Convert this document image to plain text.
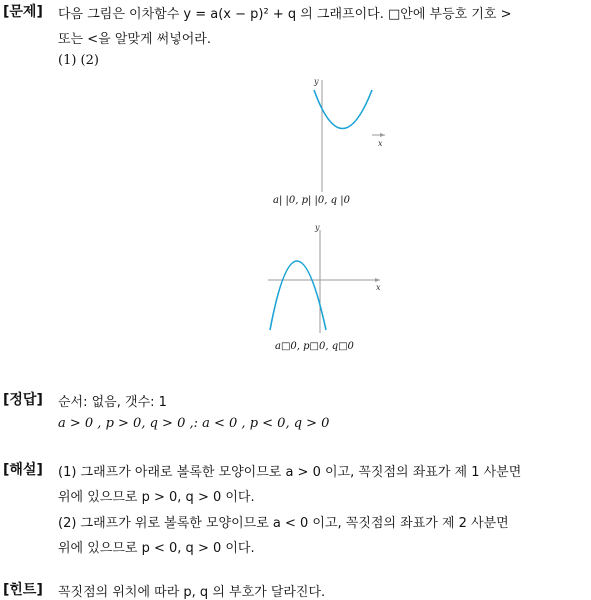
[문제] 다음 그림은 이차함수 y = a(x − p)² + q 의 그래프이다. □안에 부등호 기호 >
또는 <을 알맞게 써넣어라.
(1) (2)
y
x
a| |0, p| |0, q |0
y
x
a□0, p□0, q□0
[정답] 순서: 없음, 갯수: 1
a > 0 , p > 0, q > 0 ,: a < 0 , p < 0, q > 0
[해설] (1) 그래프가 아래로 볼록한 모양이므로 a > 0 이고, 꼭짓점의 좌표가 제 1 사분면
위에 있으므로 p > 0, q > 0 이다.
(2) 그래프가 위로 볼록한 모양이므로 a < 0 이고, 꼭짓점의 좌표가 제 2 사분면
위에 있으므로 p < 0, q > 0 이다.
[힌트] 꼭짓점의 위치에 따라 p, q 의 부호가 달라진다.
